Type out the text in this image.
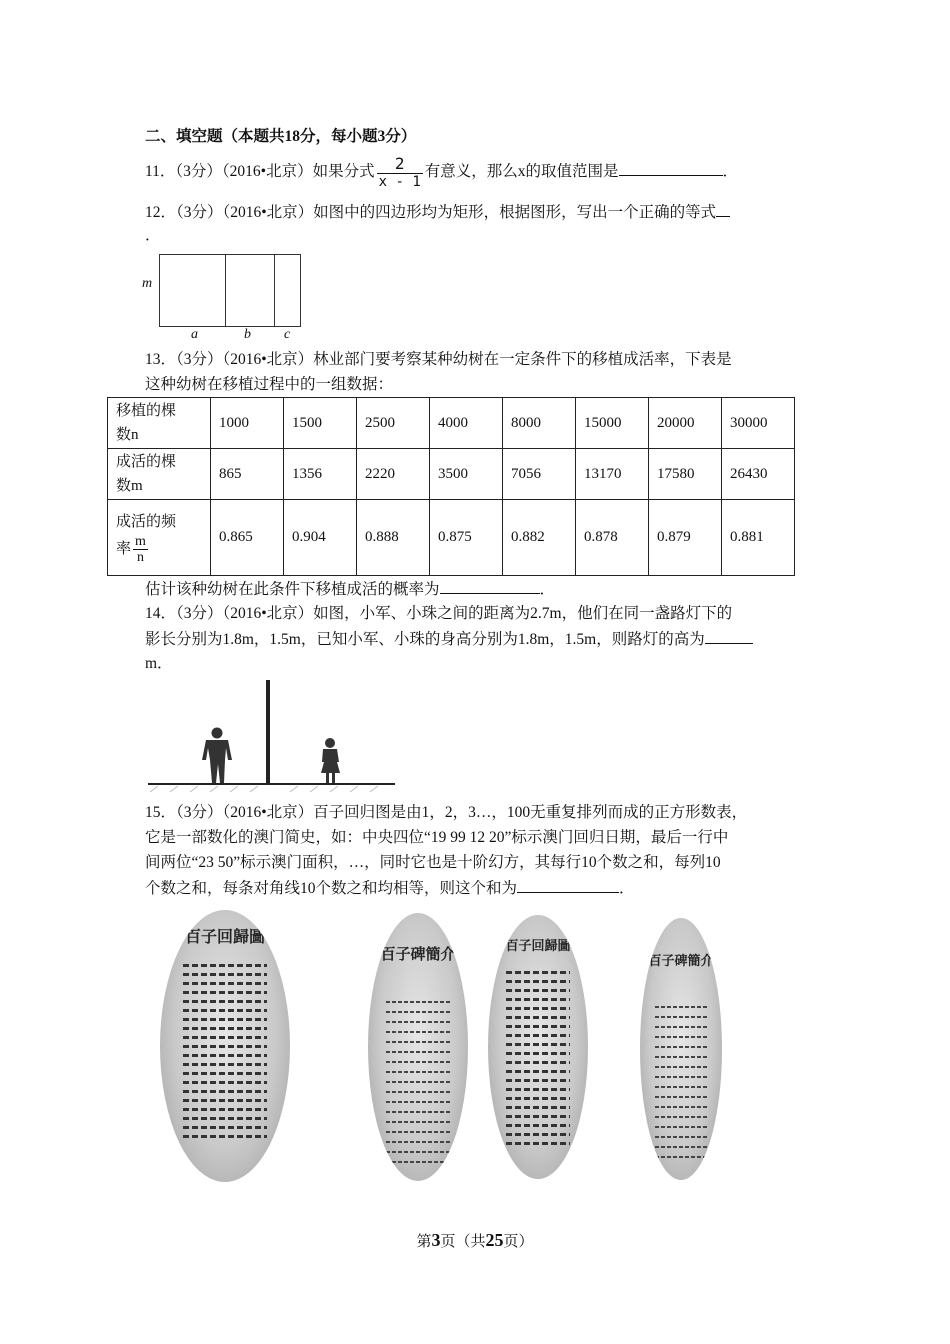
二、填空题（本题共18分，每小题3分）
11．（3分）（2016•北京）如果分式 $\frac{2}{x - 1}$ 有意义，那么x的取值范围是	．
12．（3分）（2016•北京）如图中的四边形均为矩形，根据图形，写出一个正确的等式
．
m
a	b c
13．（3分）（2016•北京）林业部门要考察某种幼树在一定条件下的移植成活率，下表是
这种幼树在移植过程中的一组数据：
移植的棵
数n	1000	1500	2500	4000	8000	15000	20000	30000

成活的棵
数m	865	1356	2220	3500	7056	13170	17580	26430

成活的频
率 $\frac{m}{n}$	0.865	0.904	0.888	0.875	0.882	0.878	0.879	0.881
估计该种幼树在此条件下移植成活的概率为	．
14．（3分）（2016•北京）如图，小军、小珠之间的距离为2.7m，他们在同一盏路灯下的
影长分别为1.8m，1.5m，已知小军、小珠的身高分别为1.8m，1.5m，则路灯的高为
m．
15．（3分）（2016•北京）百子回归图是由1，2，3…，100无重复排列而成的正方形数表，
它是一部数化的澳门简史，如：中央四位“19 99 12 20”标示澳门回归日期，最后一行中
间两位“23 50”标示澳门面积，…，同时它也是十阶幻方，其每行10个数之和，每列10
个数之和，每条对角线10个数之和均相等，则这个和为	．
百子回歸圖
百子碑簡介	百子回歸圖
百子碑簡介
第3页（共25页）
